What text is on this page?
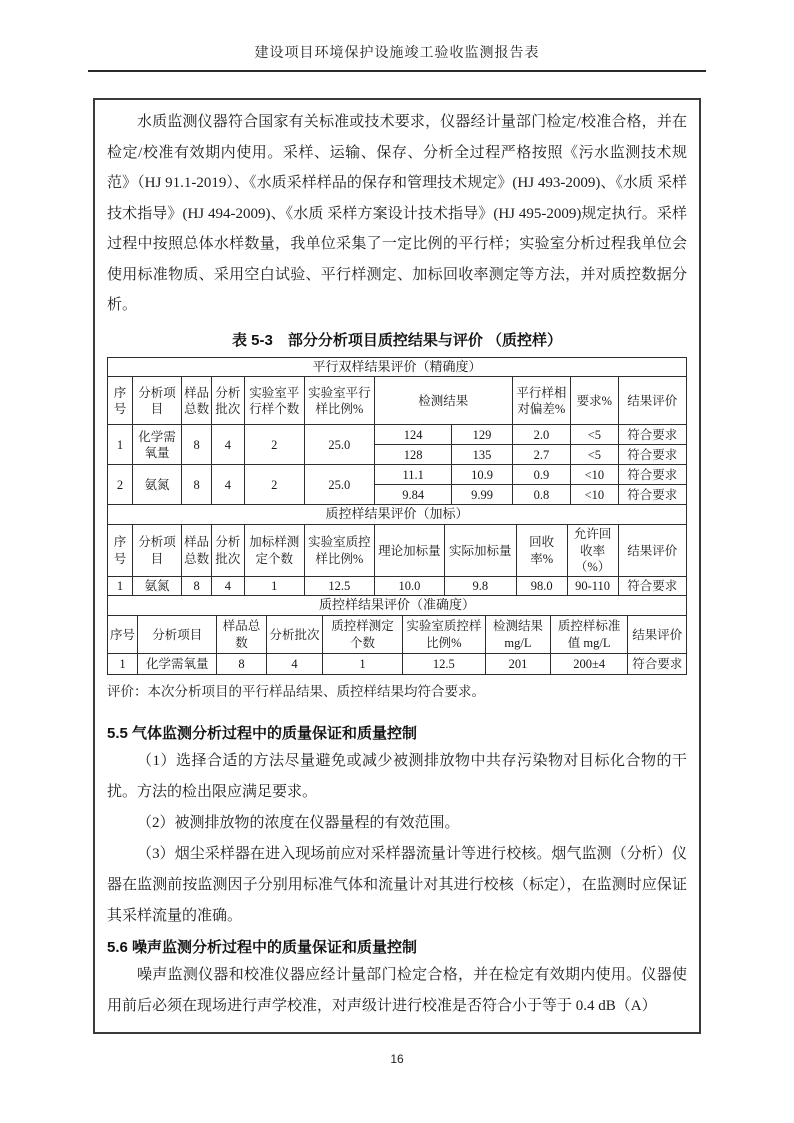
建设项目环境保护设施竣工验收监测报告表

水质监测仪器符合国家有关标准或技术要求，仪器经计量部门检定/校准合格，并在检定/校准有效期内使用。采样、运输、保存、分析全过程严格按照《污水监测技术规范》（HJ 91.1-2019）、《水质采样样品的保存和管理技术规定》(HJ 493-2009)、《水质 采样技术指导》(HJ 494-2009)、《水质 采样方案设计技术指导》(HJ 495-2009)规定执行。采样过程中按照总体水样数量，我单位采集了一定比例的平行样；实验室分析过程我单位会使用标准物质、采用空白试验、平行样测定、加标回收率测定等方法，并对质控数据分析。

表 5-3　部分分析项目质控结果与评价 （质控样）
平行双样结果评价（精确度）										
序号	分析项目	样品总数	分析批次	实验室平行样个数	实验室平行样比例%	检测结果		平行样相对偏差%	要求%	结果评价
1	化学需氧量	8	4	2	25.0	124	129	2.0	<5	符合要求
						128	135	2.7	<5	符合要求
2	氨氮	8	4	2	25.0	11.1	10.9	0.9	<10	符合要求
						9.84	9.99	0.8	<10	符合要求
质控样结果评价（加标）										
序号	分析项目	样品总数	分析批次	加标样测定个数	实验室质控样比例%	理论加标量	实际加标量	回收率%	允许回收率（%）	结果评价
1	氨氮	8	4	1	12.5	10.0	9.8	98.0	90-110	符合要求
质控样结果评价（准确度）								
序号	分析项目	样品总数	分析批次	质控样测定个数	实验室质控样比例%	检测结果 mg/L	质控样标准值 mg/L	结果评价
1	化学需氧量	8	4	1	12.5	201	200±4	符合要求
评价：本次分析项目的平行样品结果、质控样结果均符合要求。
5.5 气体监测分析过程中的质量保证和质量控制

（1）选择合适的方法尽量避免或减少被测排放物中共存污染物对目标化合物的干扰。方法的检出限应满足要求。

（2）被测排放物的浓度在仪器量程的有效范围。

（3）烟尘采样器在进入现场前应对采样器流量计等进行校核。烟气监测（分析）仪器在监测前按监测因子分别用标准气体和流量计对其进行校核（标定），在监测时应保证其采样流量的准确。

5.6 噪声监测分析过程中的质量保证和质量控制

噪声监测仪器和校准仪器应经计量部门检定合格，并在检定有效期内使用。仪器使用前后必须在现场进行声学校准，对声级计进行校准是否符合小于等于 0.4 dB（A）

16
